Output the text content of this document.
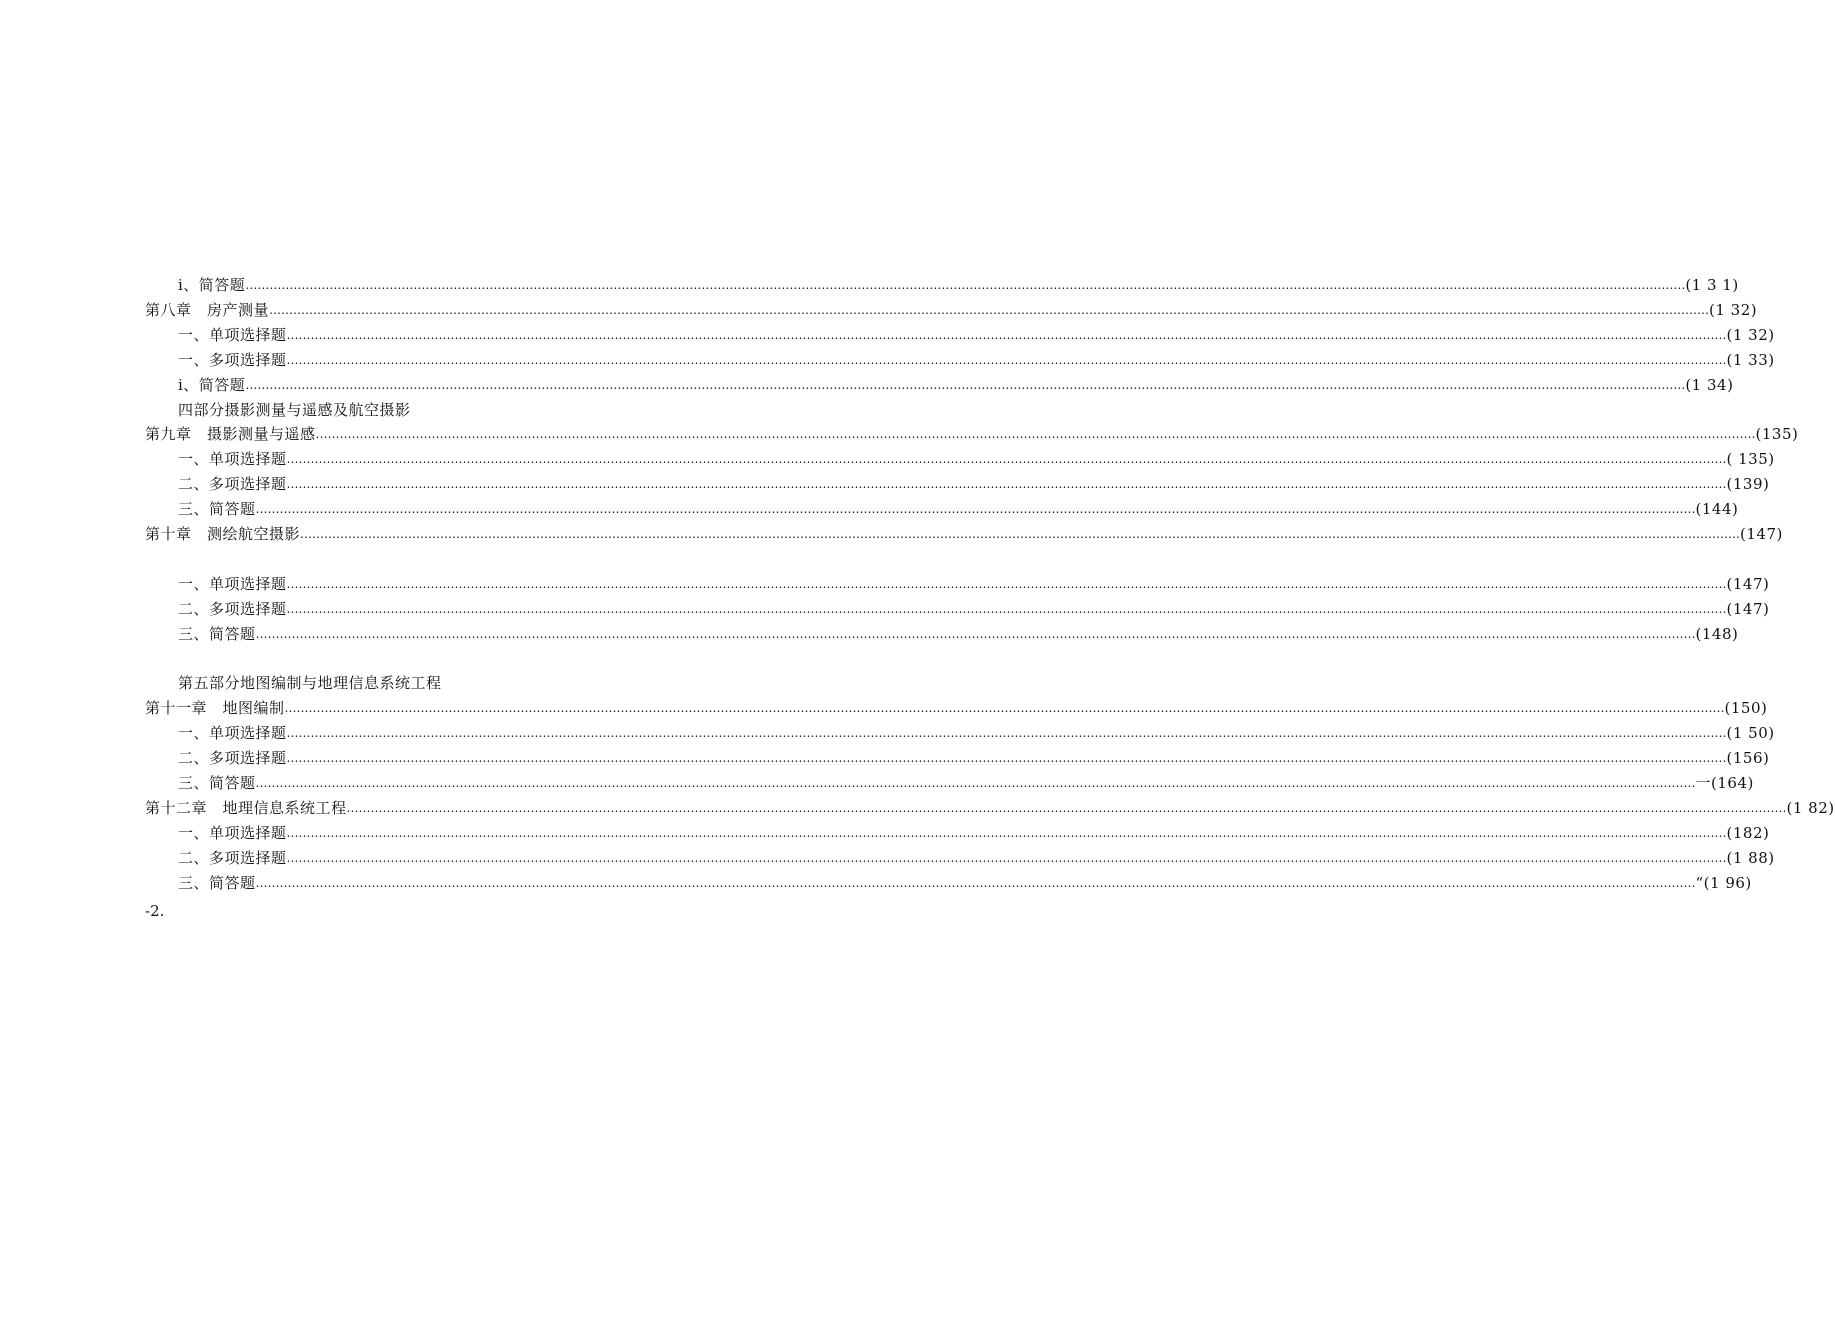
i、简答题 ……………………………………………………………………………………………………………………………………………………………………………………………………………………………………………………………………………………………………………………………… (1 3 1)
第八章　房产测量 ……………………………………………………………………………………………………………………………………………………………………………………………………………………………………………………………………………………………………………………………… (1 32)
一、单项选择题 ……………………………………………………………………………………………………………………………………………………………………………………………………………………………………………………………………………………………………………………………… (1 32)
一、多项选择题 ……………………………………………………………………………………………………………………………………………………………………………………………………………………………………………………………………………………………………………………………… (1 33)
i、简答题 ……………………………………………………………………………………………………………………………………………………………………………………………………………………………………………………………………………………………………………………………… (1 34)
四部分摄影测量与遥感及航空摄影
第九章　摄影测量与遥感 ……………………………………………………………………………………………………………………………………………………………………………………………………………………………………………………………………………………………………………………………… (135)
一、单项选择题 ……………………………………………………………………………………………………………………………………………………………………………………………………………………………………………………………………………………………………………………………… ( 135)
二、多项选择题 ……………………………………………………………………………………………………………………………………………………………………………………………………………………………………………………………………………………………………………………………… (139)
三、简答题 ……………………………………………………………………………………………………………………………………………………………………………………………………………………………………………………………………………………………………………………………… (144)
第十章　测绘航空摄影 ……………………………………………………………………………………………………………………………………………………………………………………………………………………………………………………………………………………………………………………………… (147)
一、单项选择题 ……………………………………………………………………………………………………………………………………………………………………………………………………………………………………………………………………………………………………………………………… (147)
二、多项选择题 ……………………………………………………………………………………………………………………………………………………………………………………………………………………………………………………………………………………………………………………………… (147)
三、简答题 ……………………………………………………………………………………………………………………………………………………………………………………………………………………………………………………………………………………………………………………………… (148)
第五部分地图编制与地理信息系统工程
第十一章　地图编制 ……………………………………………………………………………………………………………………………………………………………………………………………………………………………………………………………………………………………………………………………… (150)
一、单项选择题 ……………………………………………………………………………………………………………………………………………………………………………………………………………………………………………………………………………………………………………………………… (1 50)
二、多项选择题 ……………………………………………………………………………………………………………………………………………………………………………………………………………………………………………………………………………………………………………………………… (156)
三、简答题 ……………………………………………………………………………………………………………………………………………………………………………………………………………………………………………………………………………………………………………………………… 一(164)
第十二章　地理信息系统工程 ……………………………………………………………………………………………………………………………………………………………………………………………………………………………………………………………………………………………………………………………… (1 82)
一、单项选择题 ……………………………………………………………………………………………………………………………………………………………………………………………………………………………………………………………………………………………………………………………… (182)
二、多项选择题 ……………………………………………………………………………………………………………………………………………………………………………………………………………………………………………………………………………………………………………………………… (1 88)
三、简答题 ……………………………………………………………………………………………………………………………………………………………………………………………………………………………………………………………………………………………………………………………… “(1 96)
-2.
